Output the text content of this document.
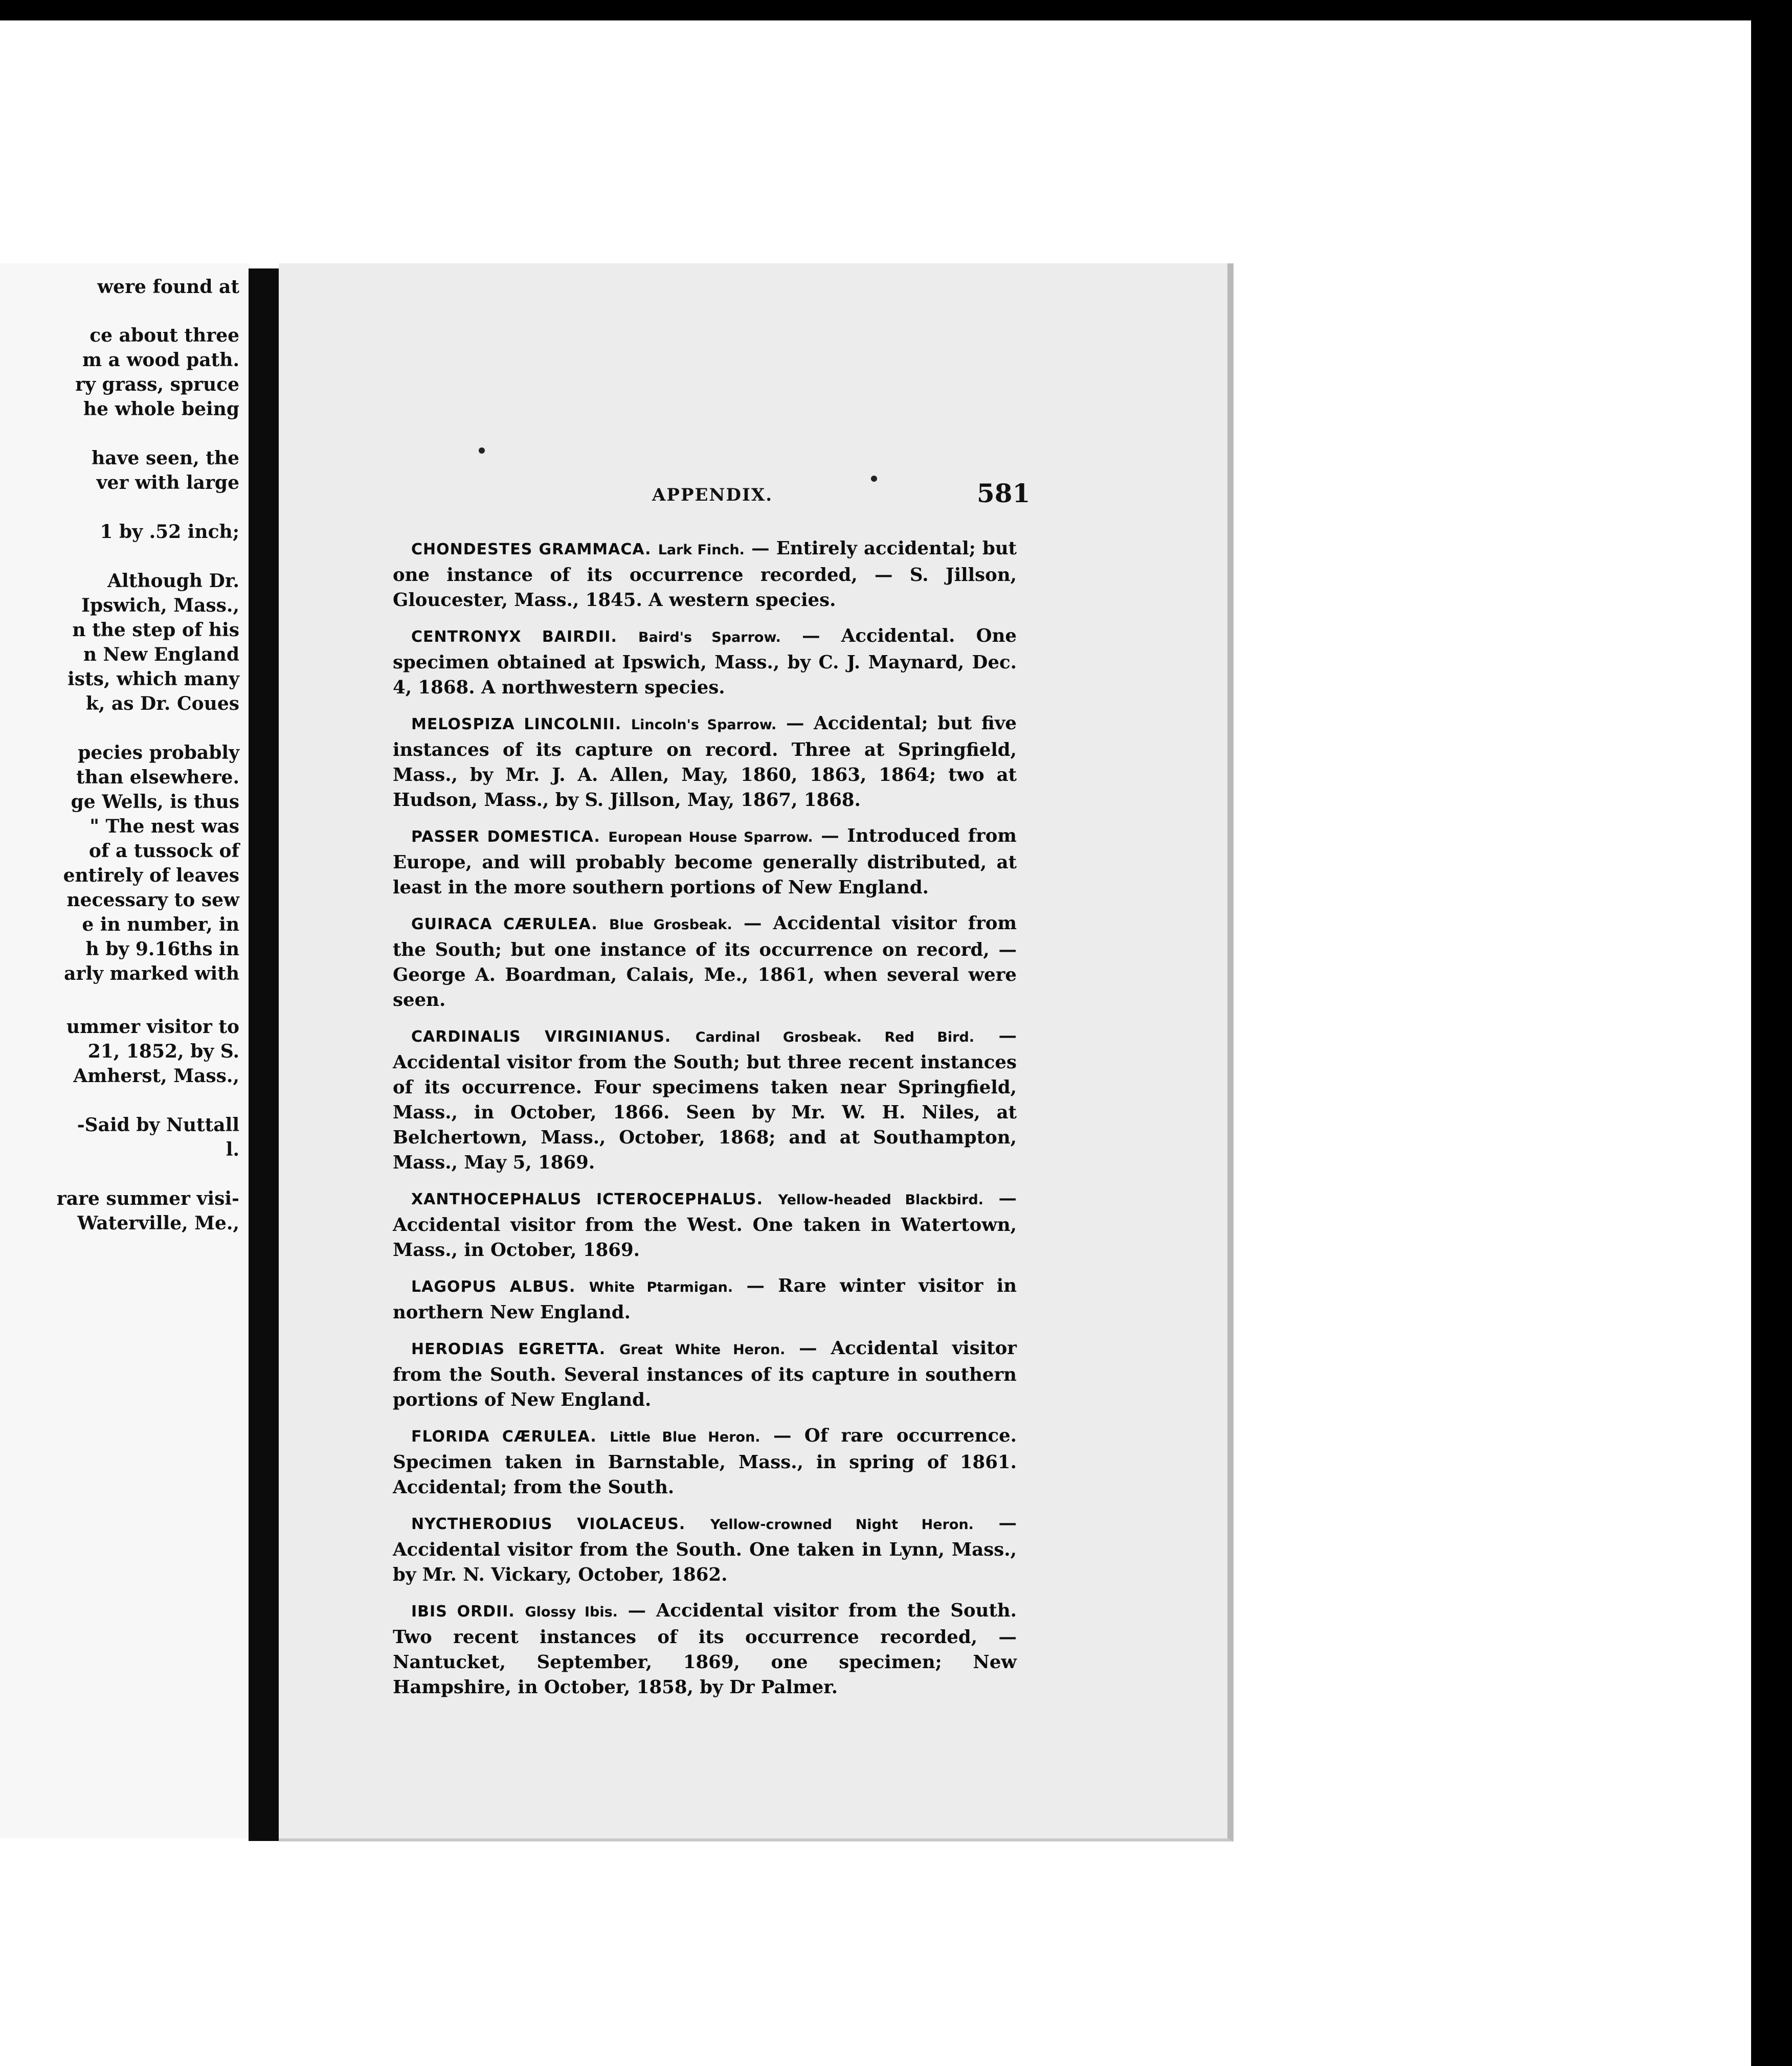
were found at
ce about three
m a wood path.
ry grass, spruce
he whole being
have seen, the
ver with large
1 by .52 inch;
Although Dr.
Ipswich, Mass.,
n the step of his
n New England
ists, which many
k, as Dr. Coues
pecies probably
than elsewhere.
ge Wells, is thus
" The nest was
of a tussock of
entirely of leaves
necessary to sew
e in number, in
h by 9.16ths in
arly marked with
ummer visitor to
21, 1852, by S.
Amherst, Mass.,
-Said by Nuttall
l.
rare summer visi-
Waterville, Me.,
APPENDIX.	581

CHONDESTES GRAMMACA. Lark Finch. — Entirely accidental; but one instance of its occurrence recorded, — S. Jillson, Gloucester, Mass., 1845. A western species.

CENTRONYX BAIRDII. Baird's Sparrow. — Accidental. One specimen obtained at Ipswich, Mass., by C. J. Maynard, Dec. 4, 1868. A northwestern species.

MELOSPIZA LINCOLNII. Lincoln's Sparrow. — Accidental; but five instances of its capture on record. Three at Springfield, Mass., by Mr. J. A. Allen, May, 1860, 1863, 1864; two at Hudson, Mass., by S. Jillson, May, 1867, 1868.

PASSER DOMESTICA. European House Sparrow. — Introduced from Europe, and will probably become generally distributed, at least in the more southern portions of New England.

GUIRACA CÆRULEA. Blue Grosbeak. — Accidental visitor from the South; but one instance of its occurrence on record, — George A. Boardman, Calais, Me., 1861, when several were seen.

CARDINALIS VIRGINIANUS. Cardinal Grosbeak. Red Bird. — Accidental visitor from the South; but three recent instances of its occurrence. Four specimens taken near Springfield, Mass., in October, 1866. Seen by Mr. W. H. Niles, at Belchertown, Mass., October, 1868; and at Southampton, Mass., May 5, 1869.

XANTHOCEPHALUS ICTEROCEPHALUS. Yellow-headed Blackbird. — Accidental visitor from the West. One taken in Watertown, Mass., in October, 1869.

LAGOPUS ALBUS. White Ptarmigan. — Rare winter visitor in northern New England.

HERODIAS EGRETTA. Great White Heron. — Accidental visitor from the South. Several instances of its capture in southern portions of New England.

FLORIDA CÆRULEA. Little Blue Heron. — Of rare occurrence. Specimen taken in Barnstable, Mass., in spring of 1861. Accidental; from the South.

NYCTHERODIUS VIOLACEUS. Yellow-crowned Night Heron. — Accidental visitor from the South. One taken in Lynn, Mass., by Mr. N. Vickary, October, 1862.

IBIS ORDII. Glossy Ibis. — Accidental visitor from the South. Two recent instances of its occurrence recorded, — Nantucket, September, 1869, one specimen; New Hampshire, in October, 1858, by Dr Palmer.
